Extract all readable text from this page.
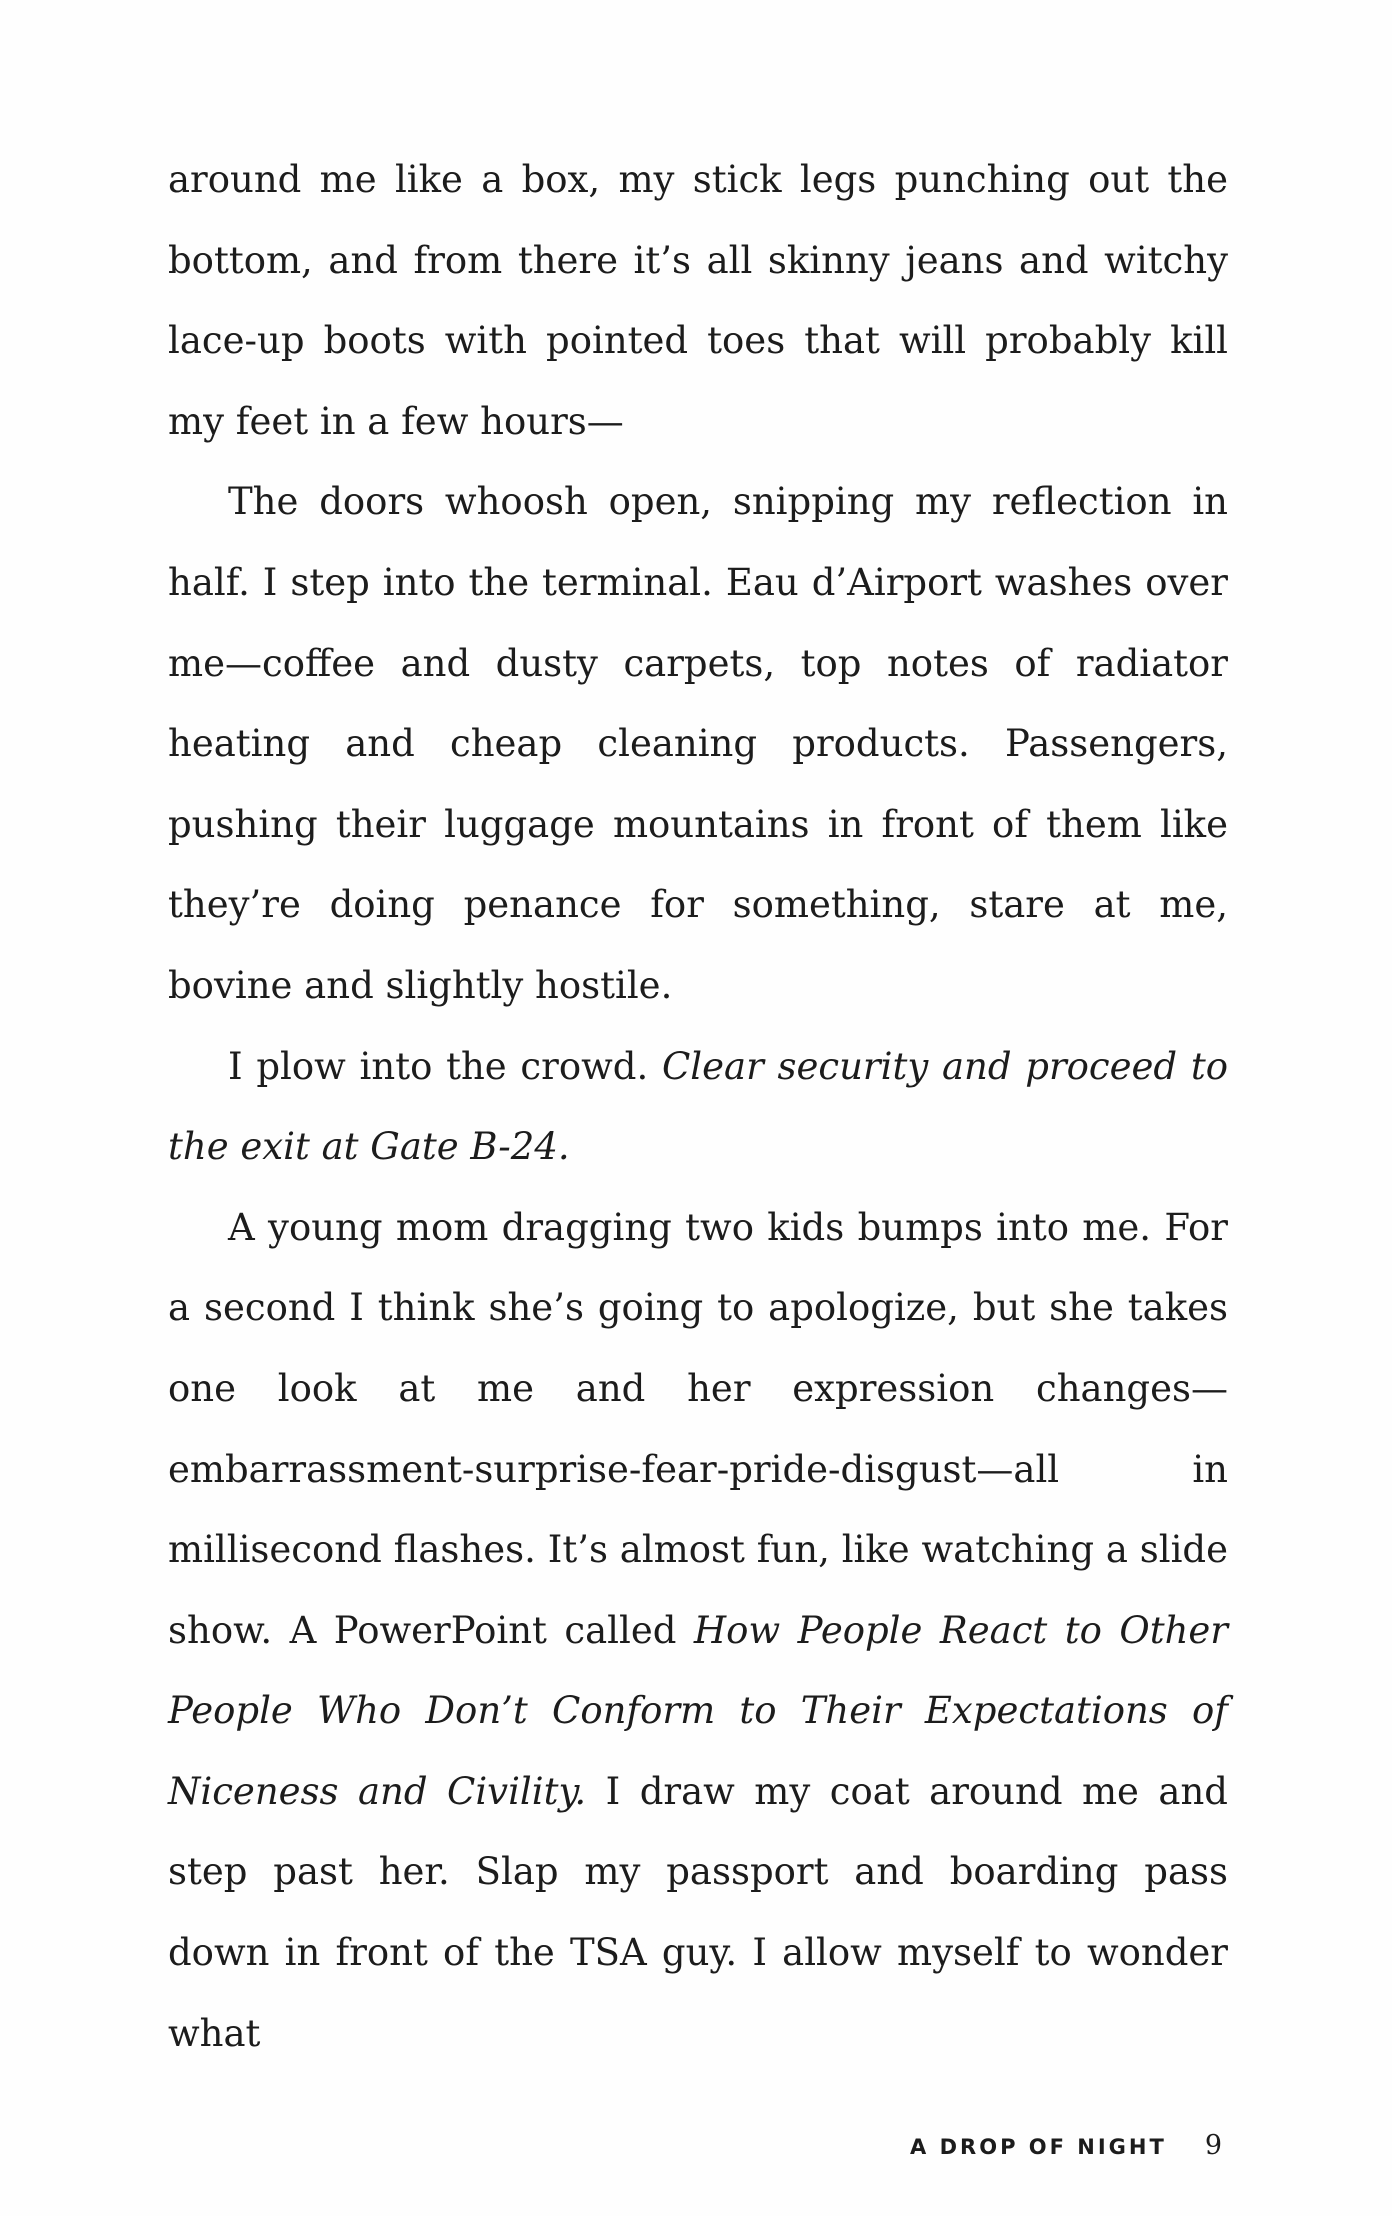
around me like a box, my stick legs punching out the bottom, and from there it’s all skinny jeans and witchy lace-up boots with pointed toes that will probably kill my feet in a few hours—

The doors whoosh open, snipping my reflection in half. I step into the terminal. Eau d’Airport washes over me—coffee and dusty carpets, top notes of radiator heating and cheap cleaning products. Passengers, pushing their luggage mountains in front of them like they’re doing penance for something, stare at me, bovine and slightly hostile.

I plow into the crowd. Clear security and proceed to the exit at Gate B-24.

A young mom dragging two kids bumps into me. For a second I think she’s going to apologize, but she takes one look at me and her expression changes—embarrassment-surprise-fear-pride-disgust—all in millisecond flashes. It’s almost fun, like watching a slide show. A PowerPoint called How People React to Other People Who Don’t Conform to Their Expectations of Niceness and Civility. I draw my coat around me and step past her. Slap my passport and boarding pass down in front of the TSA guy. I allow myself to wonder what

A DROP OF NIGHT 9
